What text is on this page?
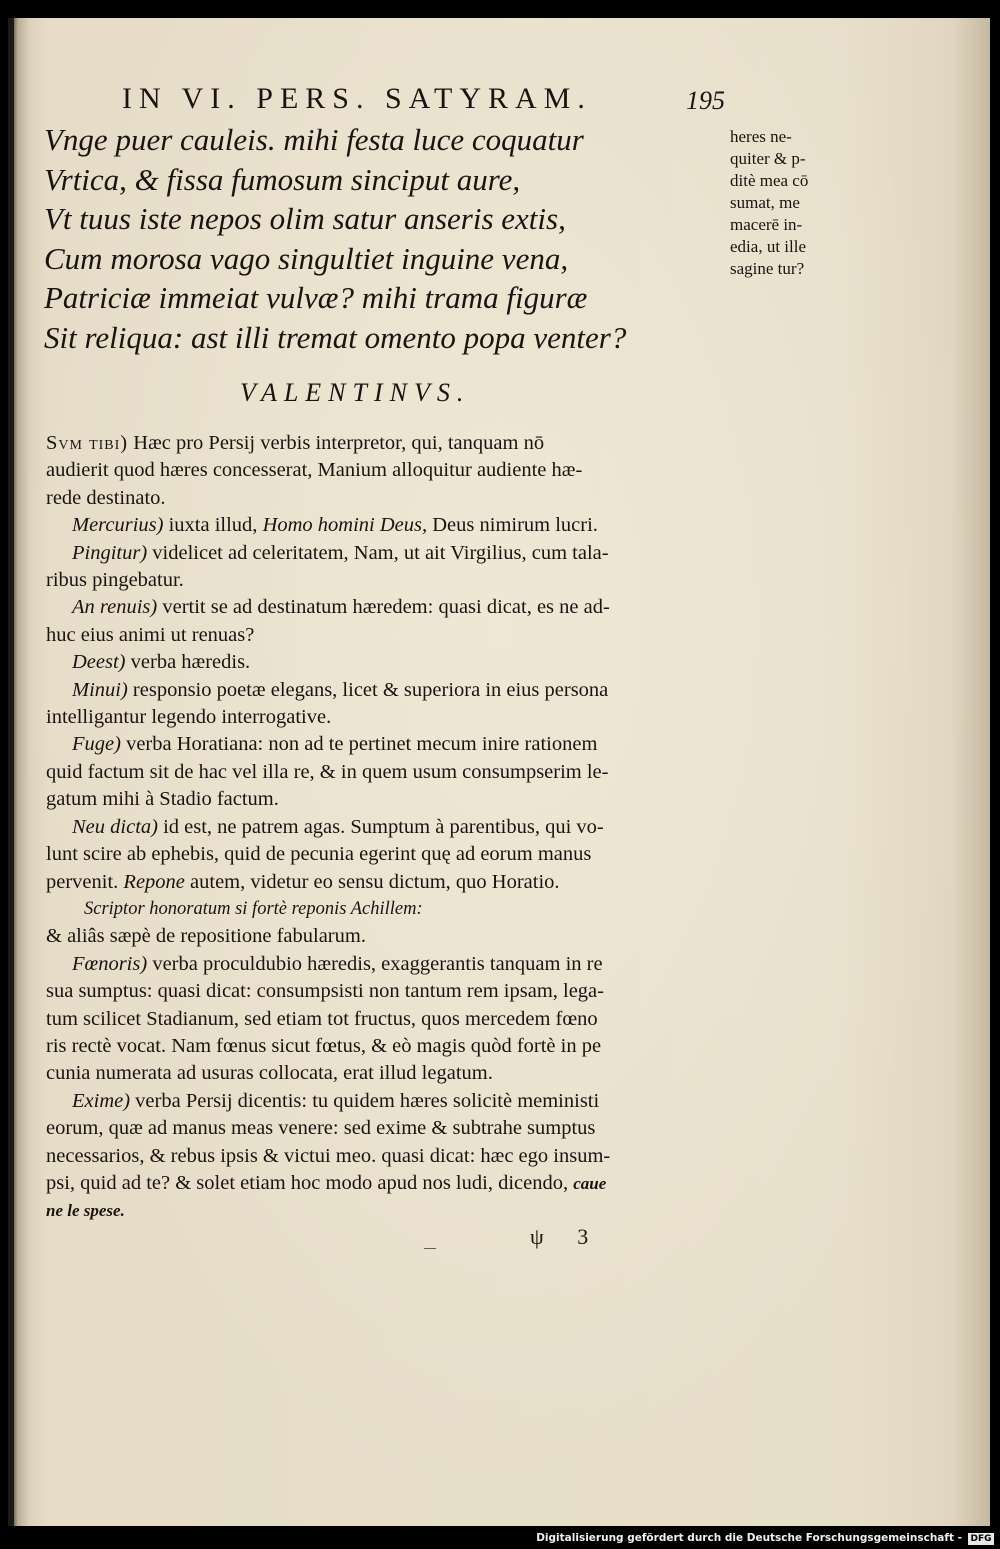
IN VI. PERS. SATYRAM.	195
Vnge puer cauleis. mihi festa luce coquatur
Vrtica, & fissa fumosum sinciput aure,
Vt tuus iste nepos olim satur anseris extis,
Cum morosa vago singultiet inguine vena,
Patriciæ immeiat vulvæ? mihi trama figuræ
Sit reliqua: ast illi tremat omento popa venter?
heres ne-
quiter & p-
ditè mea cō
sumat, me
macerē in-
edia, ut ille
sagine tur?
VALENTINVS.
Svm tibi) Hæc pro Persij verbis interpretor, qui, tanquam nō
audierit quod hæres concesserat, Manium alloquitur audiente hæ-
rede destinato.
Mercurius) iuxta illud, Homo homini Deus, Deus nimirum lucri.
Pingitur) videlicet ad celeritatem, Nam, ut ait Virgilius, cum tala-
ribus pingebatur.
An renuis) vertit se ad destinatum hæredem: quasi dicat, es ne ad-
huc eius animi ut renuas?
Deest) verba hæredis.
Minui) responsio poetæ elegans, licet & superiora in eius persona
intelligantur legendo interrogative.
Fuge) verba Horatiana: non ad te pertinet mecum inire rationem
quid factum sit de hac vel illa re, & in quem usum consumpserim le-
gatum mihi à Stadio factum.
Neu dicta) id est, ne patrem agas. Sumptum à parentibus, qui vo-
lunt scire ab ephebis, quid de pecunia egerint quę ad eorum manus
pervenit. Repone autem, videtur eo sensu dictum, quo Horatio.
Scriptor honoratum si fortè reponis Achillem:
& aliâs sæpè de repositione fabularum.
Fœnoris) verba proculdubio hæredis, exaggerantis tanquam in re
sua sumptus: quasi dicat: consumpsisti non tantum rem ipsam, lega-
tum scilicet Stadianum, sed etiam tot fructus, quos mercedem fœno
ris rectè vocat. Nam fœnus sicut fœtus, & eò magis quòd fortè in pe
cunia numerata ad usuras collocata, erat illud legatum.
Exime) verba Persij dicentis: tu quidem hæres solicitè meministi
eorum, quæ ad manus meas venere: sed exime & subtrahe sumptus
necessarios, & rebus ipsis & victui meo. quasi dicat: hæc ego insum-
psi, quid ad te? & solet etiam hoc modo apud nos ludi, dicendo, caue
ne le spese.
ψ 3
Digitalisierung gefördert durch die Deutsche Forschungsgemeinschaft - DFG
